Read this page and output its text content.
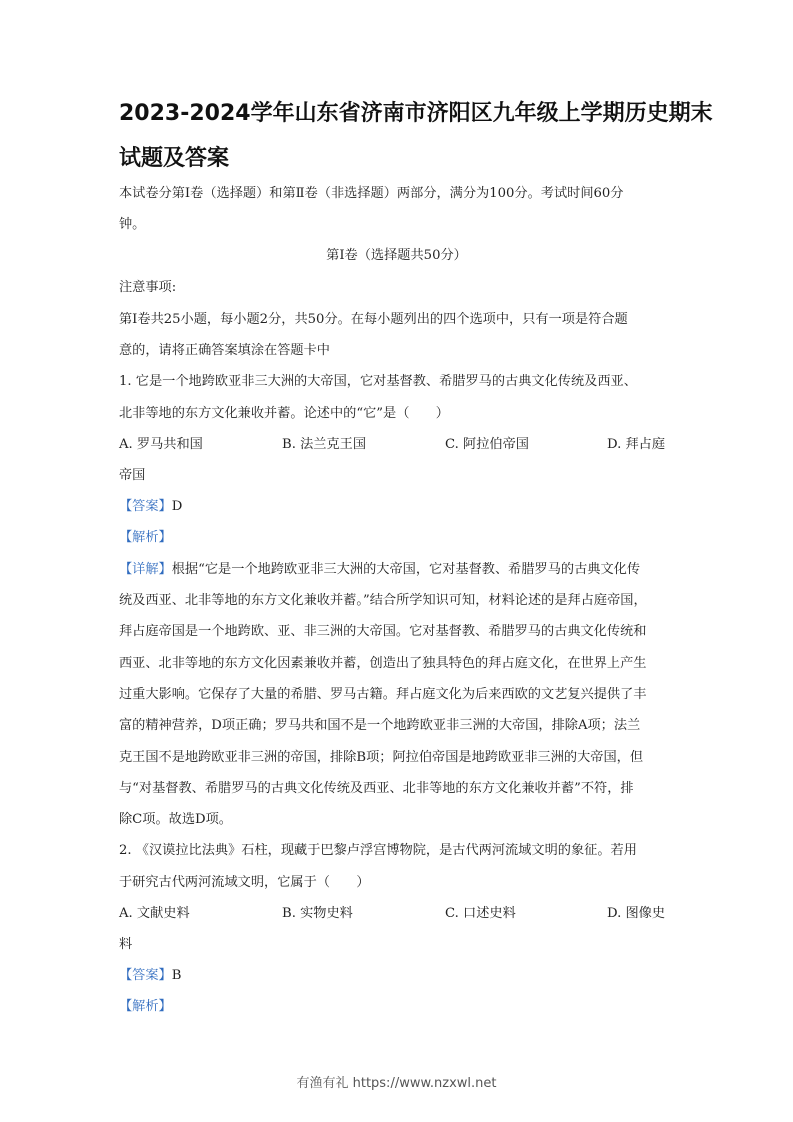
2023-2024学年山东省济南市济阳区九年级上学期历史期末
试题及答案
本试卷分第Ⅰ卷（选择题）和第Ⅱ卷（非选择题）两部分，满分为100分。考试时间60分
钟。
第Ⅰ卷（选择题共50分）
注意事项:
第Ⅰ卷共25小题，每小题2分，共50分。在每小题列出的四个选项中，只有一项是符合题
意的，请将正确答案填涂在答题卡中
1. 它是一个地跨欧亚非三大洲的大帝国，它对基督教、希腊罗马的古典文化传统及西亚、
北非等地的东方文化兼收并蓄。论述中的“它”是（　　）
A. 罗马共和国	B. 法兰克王国	C. 阿拉伯帝国	D. 拜占庭
帝国
【答案】D
【解析】
【详解】根据“它是一个地跨欧亚非三大洲的大帝国，它对基督教、希腊罗马的古典文化传
统及西亚、北非等地的东方文化兼收并蓄。”结合所学知识可知，材料论述的是拜占庭帝国，
拜占庭帝国是一个地跨欧、亚、非三洲的大帝国。它对基督教、希腊罗马的古典文化传统和
西亚、北非等地的东方文化因素兼收并蓄，创造出了独具特色的拜占庭文化，在世界上产生
过重大影响。它保存了大量的希腊、罗马古籍。拜占庭文化为后来西欧的文艺复兴提供了丰
富的精神营养，D项正确；罗马共和国不是一个地跨欧亚非三洲的大帝国，排除A项；法兰
克王国不是地跨欧亚非三洲的帝国，排除B项；阿拉伯帝国是地跨欧亚非三洲的大帝国，但
与“对基督教、希腊罗马的古典文化传统及西亚、北非等地的东方文化兼收并蓄”不符，排
除C项。故选D项。
2. 《汉谟拉比法典》石柱，现藏于巴黎卢浮宫博物院，是古代两河流域文明的象征。若用
于研究古代两河流域文明，它属于（　　）
A. 文献史料	B. 实物史料	C. 口述史料	D. 图像史
料
【答案】B
【解析】
有渔有礼 https://www.nzxwl.net
